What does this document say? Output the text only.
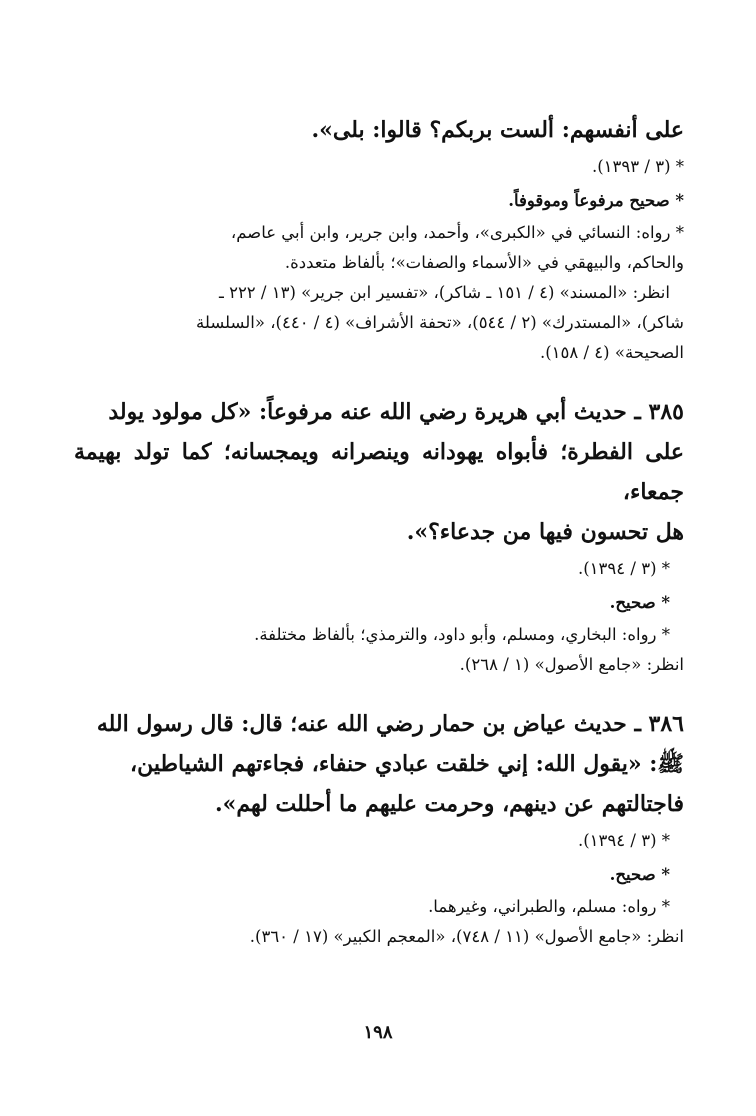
على أنفسهم: ألست بربكم؟ قالوا: بلى».
* (٣ / ١٣٩٣).
* صحيح مرفوعاً وموقوفاً.
* رواه: النسائي في «الكبرى»، وأحمد، وابن جرير، وابن أبي عاصم،
والحاكم، والبيهقي في «الأسماء والصفات»؛ بألفاظ متعددة.
انظر: «المسند» (٤ / ١٥١ ـ شاكر)، «تفسير ابن جرير» (١٣ / ٢٢٢ ـ
شاكر)، «المستدرك» (٢ / ٥٤٤)، «تحفة الأشراف» (٤ / ٤٤٠)، «السلسلة
الصحيحة» (٤ / ١٥٨).
٣٨٥ ـ حديث أبي هريرة رضي الله عنه مرفوعاً: «كل مولود يولد
على الفطرة؛ فأبواه يهودانه وينصرانه ويمجسانه؛ كما تولد بهيمة جمعاء،
هل تحسون فيها من جدعاء؟».
* (٣ / ١٣٩٤).
* صحيح.
* رواه: البخاري، ومسلم، وأبو داود، والترمذي؛ بألفاظ مختلفة.
انظر: «جامع الأصول» (١ / ٢٦٨).
٣٨٦ ـ حديث عياض بن حمار رضي الله عنه؛ قال: قال رسول الله
ﷺ: «يقول الله: إني خلقت عبادي حنفاء، فجاءتهم الشياطين،
فاجتالتهم عن دينهم، وحرمت عليهم ما أحللت لهم».
* (٣ / ١٣٩٤).
* صحيح.
* رواه: مسلم، والطبراني، وغيرهما.
انظر: «جامع الأصول» (١١ / ٧٤٨)، «المعجم الكبير» (١٧ / ٣٦٠).
١٩٨
